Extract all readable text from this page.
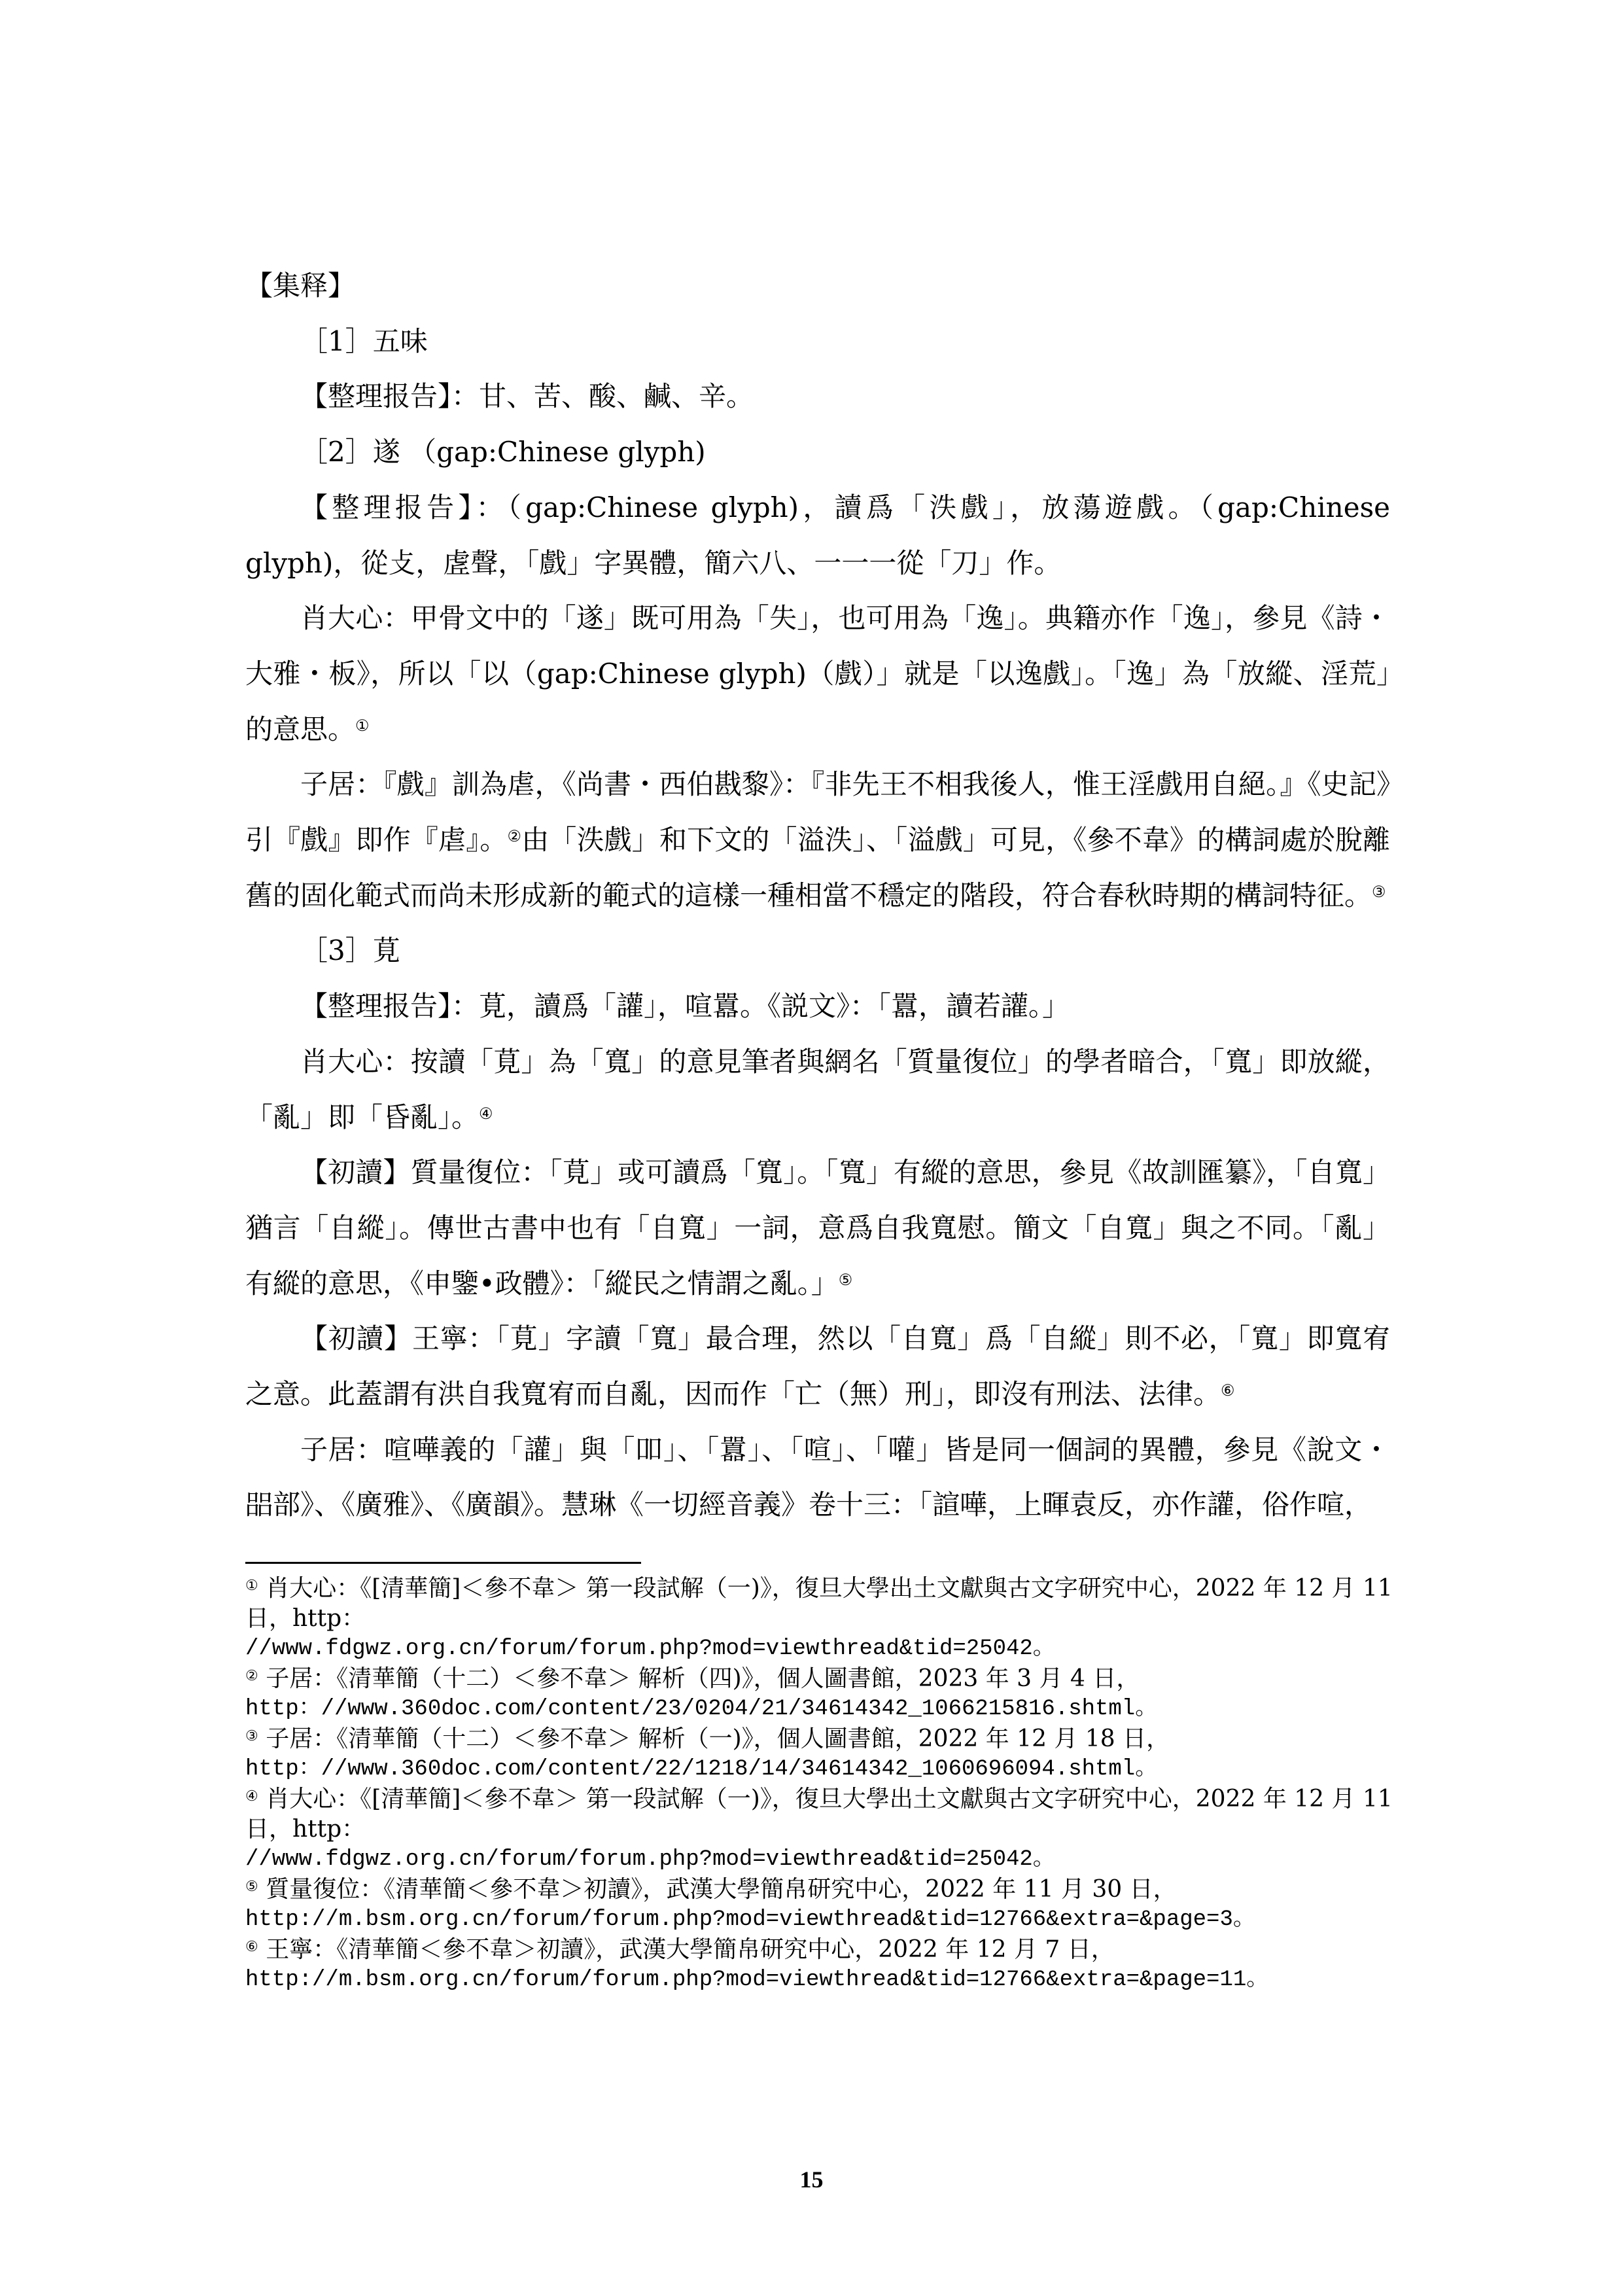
【集释】

［1］五味

【整理报告】：甘、苦、酸、鹹、辛。

［2］遂 （gap:Chinese glyph)

【整理报告】：（gap:Chinese glyph)，讀爲「泆戲」，放蕩遊戲。（gap:Chinese glyph)，從攴，虗聲，「戲」字異體，簡六八、一一一從「刀」作。

肖大心：甲骨文中的「遂」既可用為「失」，也可用為「逸」。典籍亦作「逸」，參見《詩・大雅・板》，所以「以（gap:Chinese glyph)（戲）」就是「以逸戲」。「逸」為「放縱、淫荒」的意思。①

子居：『戲』訓為虐，《尚書・西伯戡黎》：『非先王不相我後人，惟王淫戲用自絕。』《史記》引『戲』即作『虐』。②由「泆戲」和下文的「溢泆」、「溢戲」可見，《參不韋》的構詞處於脫離舊的固化範式而尚未形成新的範式的這樣一種相當不穩定的階段，符合春秋時期的構詞特征。③

［3］莧

【整理报告】：莧，讀爲「讙」，喧囂。《説文》：「囂，讀若讙。」

肖大心：按讀「莧」為「寬」的意見筆者與網名「質量復位」的學者暗合，「寬」即放縱，「亂」即「昏亂」。④

【初讀】質量復位：「莧」或可讀爲「寬」。「寬」有縱的意思，參見《故訓匯纂》，「自寬」猶言「自縱」。傳世古書中也有「自寬」一詞，意爲自我寬慰。簡文「自寬」與之不同。「亂」有縱的意思，《申鑒•政體》：「縱民之情謂之亂。」⑤

【初讀】王寧：「莧」字讀「寬」最合理，然以「自寬」爲「自縱」則不必，「寬」即寬宥之意。此蓋謂有洪自我寬宥而自亂，因而作「亡（無）刑」，即沒有刑法、法律。⑥

子居：喧嘩義的「讙」與「吅」、「囂」、「喧」、「嚾」皆是同一個詞的異體，參見《說文・㗊部》、《廣雅》、《廣韻》。慧琳《一切經音義》卷十三：「諠嘩，上暉袁反，亦作讙，俗作喧，

① 肖大心：《[清華簡]＜參不韋＞ 第一段試解（一)》，復旦大學出土文獻與古文字研究中心，2022 年 12 月 11 日，http：

//www.fdgwz.org.cn/forum/forum.php?mod=viewthread&tid=25042。

② 子居：《清華簡（十二）＜參不韋＞ 解析（四)》，個人圖書館，2023 年 3 月 4 日，

http：//www.360doc.com/content/23/0204/21/34614342_1066215816.shtml。

③ 子居：《清華簡（十二）＜參不韋＞ 解析（一)》，個人圖書館，2022 年 12 月 18 日，

http：//www.360doc.com/content/22/1218/14/34614342_1060696094.shtml。

④ 肖大心：《[清華簡]＜參不韋＞ 第一段試解（一)》，復旦大學出土文獻與古文字研究中心，2022 年 12 月 11 日，http：

//www.fdgwz.org.cn/forum/forum.php?mod=viewthread&tid=25042。

⑤ 質量復位：《清華簡＜參不韋＞初讀》，武漢大學簡帛研究中心，2022 年 11 月 30 日，

http://m.bsm.org.cn/forum/forum.php?mod=viewthread&tid=12766&extra=&page=3。

⑥ 王寧：《清華簡＜參不韋＞初讀》，武漢大學簡帛研究中心，2022 年 12 月 7 日，

http://m.bsm.org.cn/forum/forum.php?mod=viewthread&tid=12766&extra=&page=11。

15
